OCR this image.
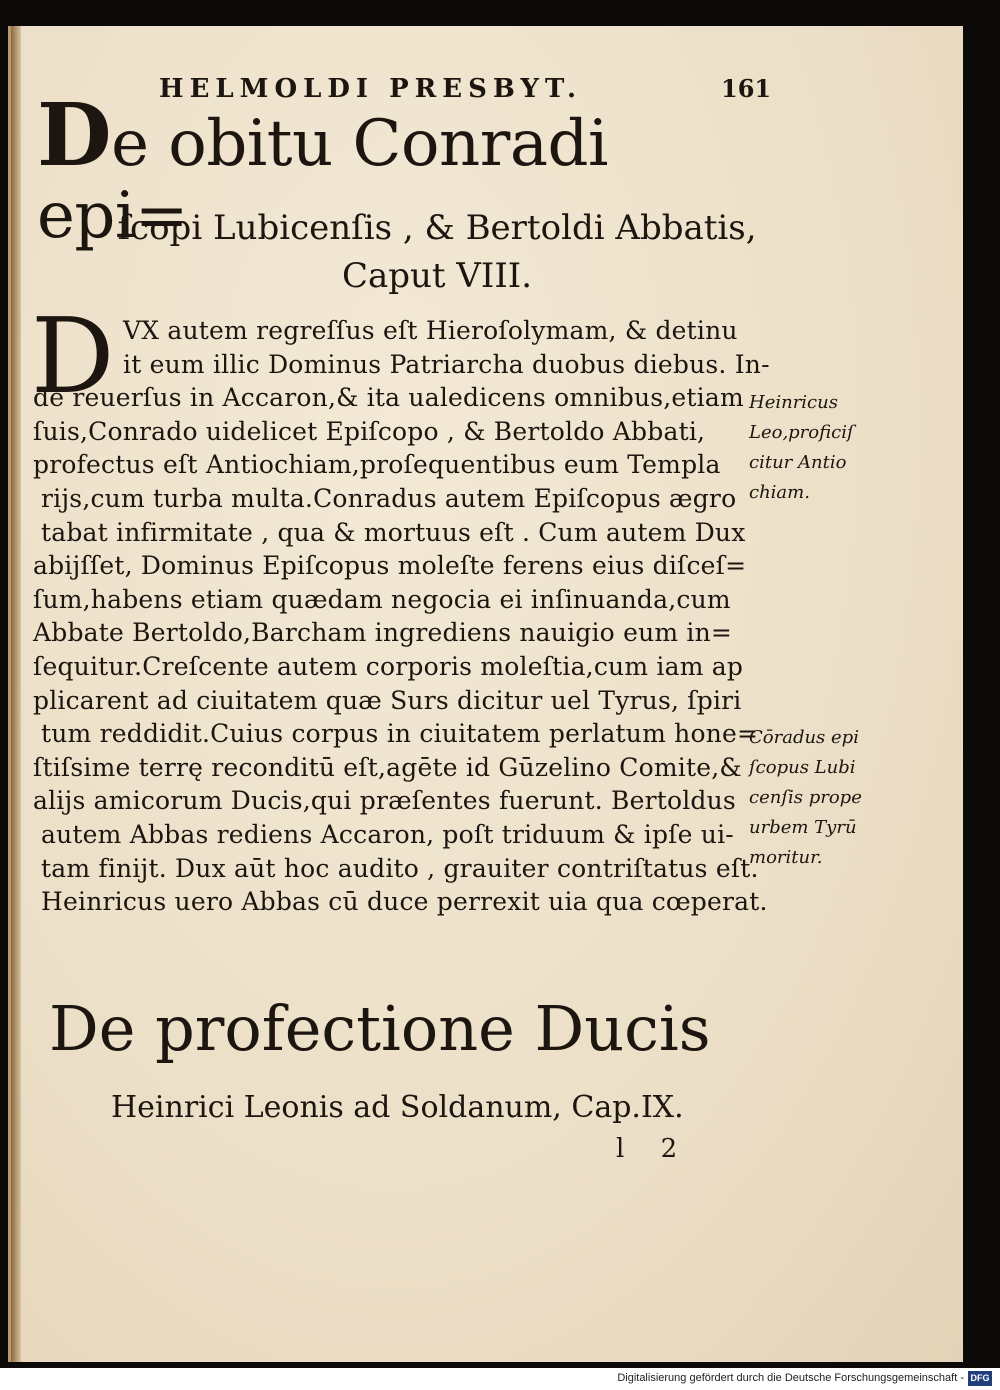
HELMOLDI PRESBYT.	161
De obitu Conradi epi=
ſcopi Lubicenſis , & Bertoldi Abbatis,
Caput VIII.
D VX autem regreſſus eſt Hieroſolymam, & detinu
it eum illic Dominus Patriarcha duobus diebus. In-
de reuerſus in Accaron,& ita ualedicens omnibus,etiam
ſuis,Conrado uidelicet Epiſcopo , & Bertoldo Abbati,
profectus eſt Antiochiam,proſequentibus eum Templa
rijs,cum turba multa.Conradus autem Epiſcopus ægro
tabat infirmitate , qua & mortuus eſt . Cum autem Dux
abijſſet, Dominus Epiſcopus moleſte ferens eius diſceſ=
ſum,habens etiam quædam negocia ei inſinuanda,cum
Abbate Bertoldo,Barcham ingrediens nauigio eum in=
ſequitur.Creſcente autem corporis moleſtia,cum iam ap
plicarent ad ciuitatem quæ Surs dicitur uel Tyrus, ſpiri
tum reddidit.Cuius corpus in ciuitatem perlatum hone=
ſtiſsime terrę reconditū eſt,agēte id Gūzelino Comite,&
alijs amicorum Ducis,qui præſentes fuerunt. Bertoldus
autem Abbas rediens Accaron, poſt triduum & ipſe ui-
tam finijt. Dux aūt hoc audito , grauiter contriſtatus eſt.
Heinricus uero Abbas cū duce perrexit uia qua cœperat.
Heinricus
Leo,proficiſ
citur Antio
chiam.
Cōradus epi
ſcopus Lubi
cenſis prope
urbem Tyrū
moritur.
De profectione Ducis
Heinrici Leonis ad Soldanum, Cap.IX.
l 2
Digitalisierung gefördert durch die Deutsche Forschungsgemeinschaft - DFG
